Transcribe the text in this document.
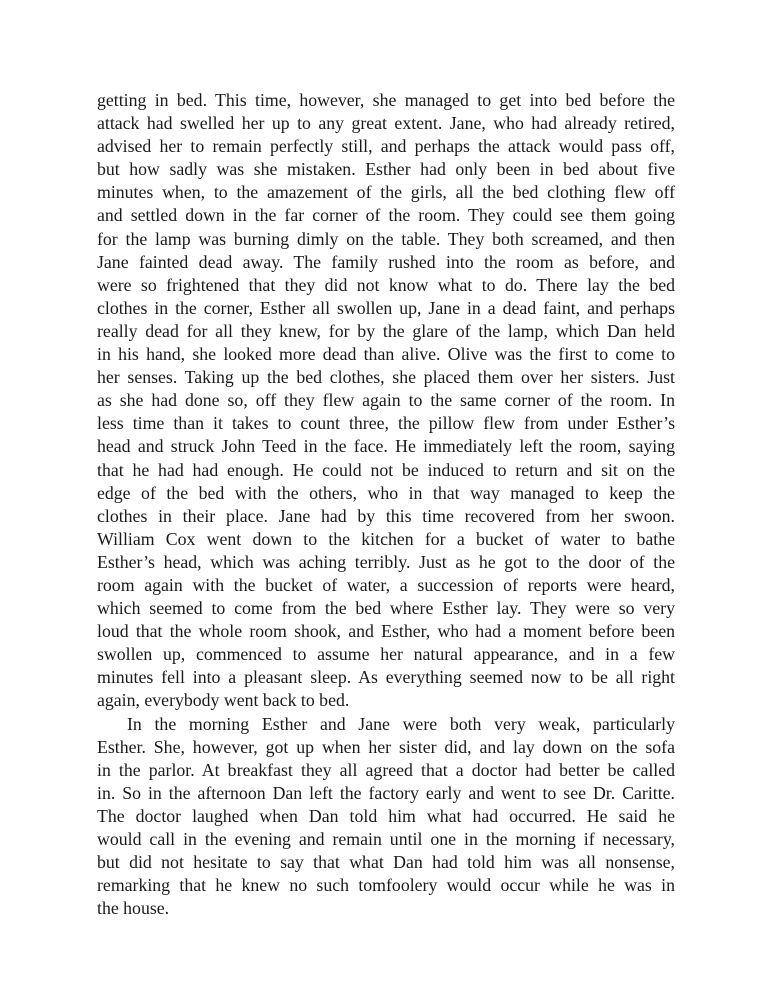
getting in bed. This time, however, she managed to get into bed before the
attack had swelled her up to any great extent. Jane, who had already retired,
advised her to remain perfectly still, and perhaps the attack would pass off,
but how sadly was she mistaken. Esther had only been in bed about five
minutes when, to the amazement of the girls, all the bed clothing flew off
and settled down in the far corner of the room. They could see them going
for the lamp was burning dimly on the table. They both screamed, and then
Jane fainted dead away. The family rushed into the room as before, and
were so frightened that they did not know what to do. There lay the bed
clothes in the corner, Esther all swollen up, Jane in a dead faint, and perhaps
really dead for all they knew, for by the glare of the lamp, which Dan held
in his hand, she looked more dead than alive. Olive was the first to come to
her senses. Taking up the bed clothes, she placed them over her sisters. Just
as she had done so, off they flew again to the same corner of the room. In
less time than it takes to count three, the pillow flew from under Esther’s
head and struck John Teed in the face. He immediately left the room, saying
that he had had enough. He could not be induced to return and sit on the
edge of the bed with the others, who in that way managed to keep the
clothes in their place. Jane had by this time recovered from her swoon.
William Cox went down to the kitchen for a bucket of water to bathe
Esther’s head, which was aching terribly. Just as he got to the door of the
room again with the bucket of water, a succession of reports were heard,
which seemed to come from the bed where Esther lay. They were so very
loud that the whole room shook, and Esther, who had a moment before been
swollen up, commenced to assume her natural appearance, and in a few
minutes fell into a pleasant sleep. As everything seemed now to be all right
again, everybody went back to bed.
In the morning Esther and Jane were both very weak, particularly
Esther. She, however, got up when her sister did, and lay down on the sofa
in the parlor. At breakfast they all agreed that a doctor had better be called
in. So in the afternoon Dan left the factory early and went to see Dr. Caritte.
The doctor laughed when Dan told him what had occurred. He said he
would call in the evening and remain until one in the morning if necessary,
but did not hesitate to say that what Dan had told him was all nonsense,
remarking that he knew no such tomfoolery would occur while he was in
the house.
